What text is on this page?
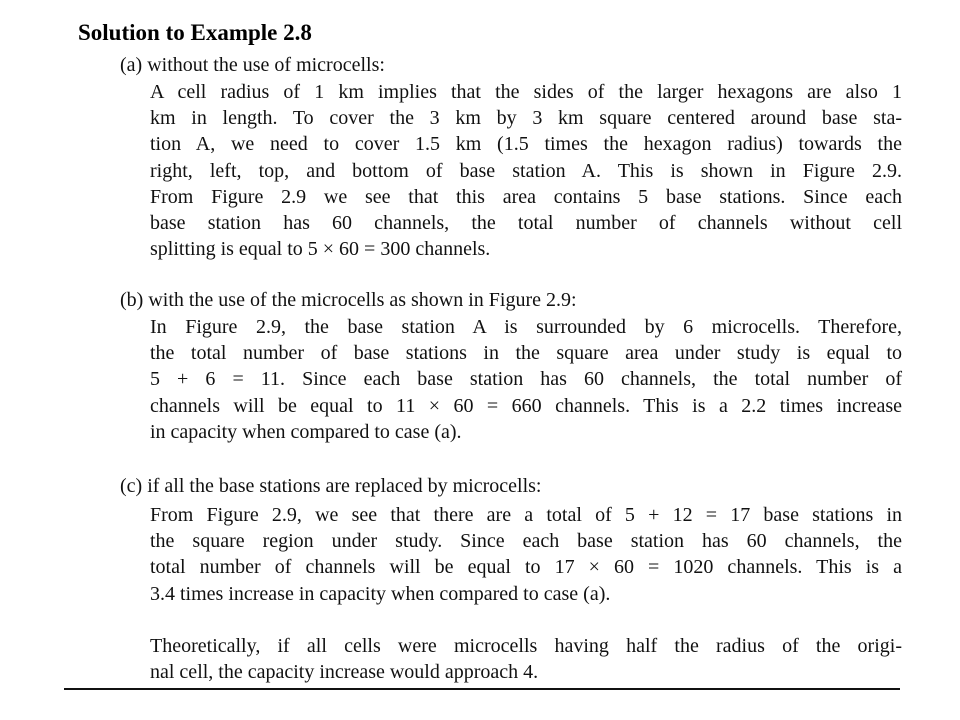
Solution to Example 2.8
(a) without the use of microcells:
A cell radius of 1 km implies that the sides of the larger hexagons are also 1
km in length. To cover the 3 km by 3 km square centered around base sta-
tion A, we need to cover 1.5 km (1.5 times the hexagon radius) towards the
right, left, top, and bottom of base station A. This is shown in Figure 2.9.
From Figure 2.9 we see that this area contains 5 base stations. Since each
base station has 60 channels, the total number of channels without cell
splitting is equal to 5 × 60 = 300 channels.
(b) with the use of the microcells as shown in Figure 2.9:
In Figure 2.9, the base station A is surrounded by 6 microcells. Therefore,
the total number of base stations in the square area under study is equal to
5 + 6 = 11. Since each base station has 60 channels, the total number of
channels will be equal to 11 × 60 = 660 channels. This is a 2.2 times increase
in capacity when compared to case (a).
(c) if all the base stations are replaced by microcells:
From Figure 2.9, we see that there are a total of 5 + 12 = 17 base stations in
the square region under study. Since each base station has 60 channels, the
total number of channels will be equal to 17 × 60 = 1020 channels. This is a
3.4 times increase in capacity when compared to case (a).
Theoretically, if all cells were microcells having half the radius of the origi-
nal cell, the capacity increase would approach 4.
